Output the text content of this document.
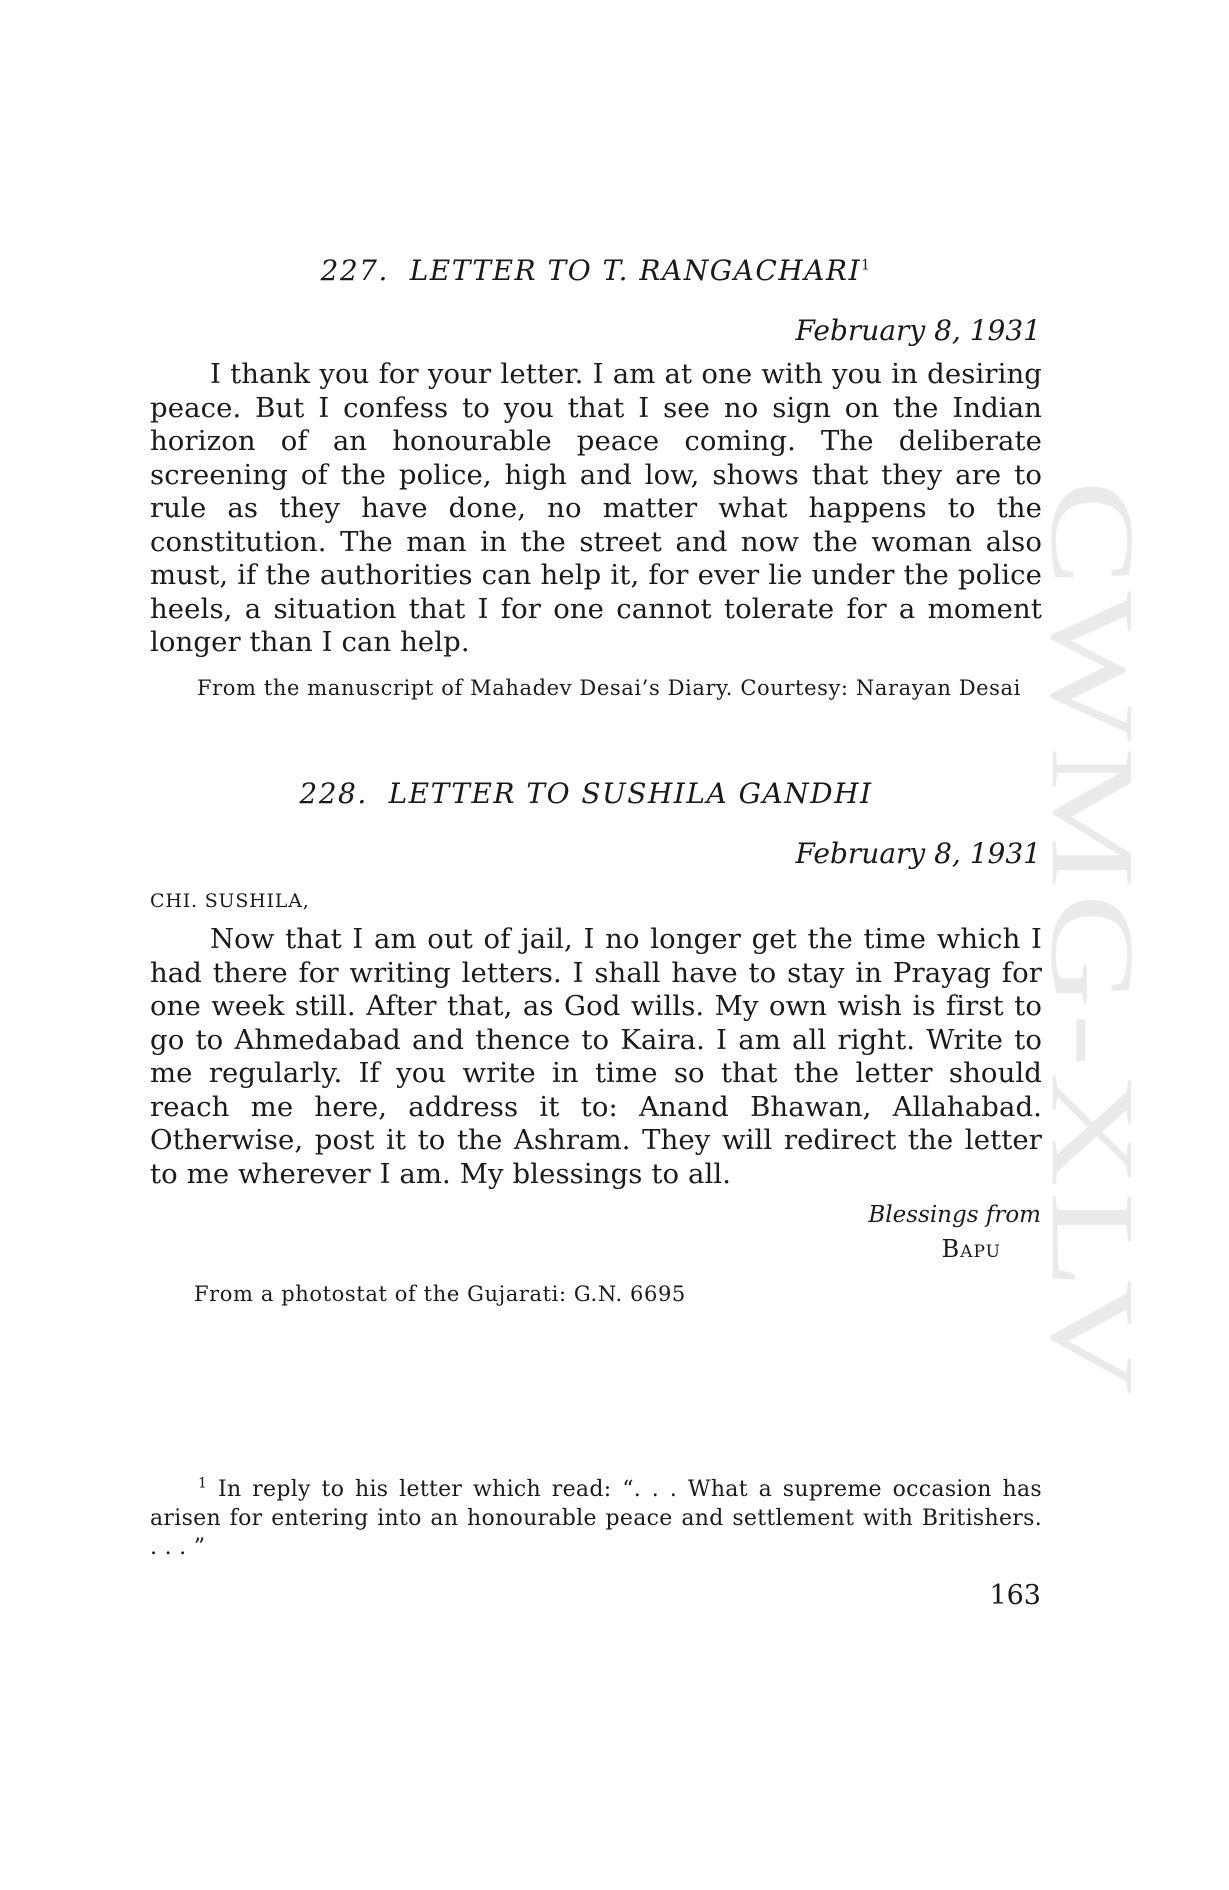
227. LETTER TO T. RANGACHARI$^1$
February 8, 1931

I thank you for your letter. I am at one with you in desiring peace. But I confess to you that I see no sign on the Indian horizon of an honourable peace coming. The deliberate screening of the police, high and low, shows that they are to rule as they have done, no matter what happens to the constitution. The man in the street and now the woman also must, if the authorities can help it, for ever lie under the police heels, a situation that I for one cannot tolerate for a moment longer than I can help.

From the manuscript of Mahadev Desai’s Diary. Courtesy: Narayan Desai
228. LETTER TO SUSHILA GANDHI
February 8, 1931
CHI. SUSHILA,

Now that I am out of jail, I no longer get the time which I had there for writing letters. I shall have to stay in Prayag for one week still. After that, as God wills. My own wish is first to go to Ahmedabad and thence to Kaira. I am all right. Write to me regularly. If you write in time so that the letter should reach me here, address it to: Anand Bhawan, Allahabad. Otherwise, post it to the Ashram. They will redirect the letter to me wherever I am. My blessings to all.

Blessings from
Bapu
From a photostat of the Gujarati: G.N. 6695

$^1$ In reply to his letter which read: “. . . What a supreme occasion has arisen for entering into an honourable peace and settlement with Britishers. . . . ”

163
CWMG-XLV
